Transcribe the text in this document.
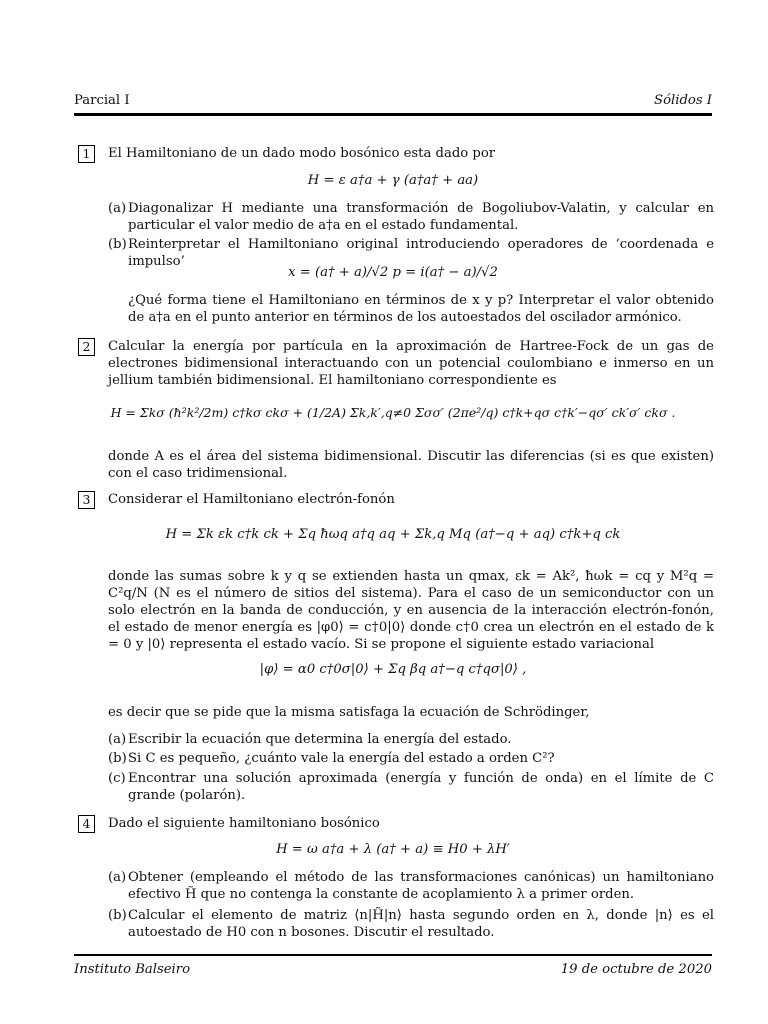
Parcial I	Sólidos I
1	El Hamiltoniano de un dado modo bosónico esta dado por
H = ε a†a + γ (a†a† + aa)
(a) Diagonalizar H mediante una transformación de Bogoliubov-Valatin, y calcular en particular el valor medio de a†a en el estado fundamental.
(b) Reinterpretar el Hamiltoniano original introduciendo operadores de ‘coordenada e impulso’
x = (a† + a)/√2 p = i(a† − a)/√2
¿Qué forma tiene el Hamiltoniano en términos de x y p? Interpretar el valor obtenido de a†a en el punto anterior en términos de los autoestados del oscilador armónico.
2	Calcular la energía por partícula en la aproximación de Hartree-Fock de un gas de electrones bidimensional interactuando con un potencial coulombiano e inmerso en un jellium también bidimensional. El hamiltoniano correspondiente es
H = Σkσ (ħ²k²/2m) c†kσ ckσ + (1/2A) Σk,k′,q≠0 Σσσ′ (2πe²/q) c†k+qσ c†k′−qσ′ ck′σ′ ckσ .
donde A es el área del sistema bidimensional. Discutir las diferencias (si es que existen) con el caso tridimensional.
3	Considerar el Hamiltoniano electrón-fonón
H = Σk εk c†k ck + Σq ħωq a†q aq + Σk,q Mq (a†−q + aq) c†k+q ck
donde las sumas sobre k y q se extienden hasta un qmax, εk = Ak², ħωk = cq y M²q = C²q/N (N es el número de sitios del sistema). Para el caso de un semiconductor con un solo electrón en la banda de conducción, y en ausencia de la interacción electrón-fonón, el estado de menor energía es |φ0⟩ = c†0|0⟩ donde c†0 crea un electrón en el estado de k = 0 y |0⟩ representa el estado vacío. Si se propone el siguiente estado variacional
|φ⟩ = α0 c†0σ|0⟩ + Σq βq a†−q c†qσ|0⟩ ,
es decir que se pide que la misma satisfaga la ecuación de Schrödinger,
(a) Escribir la ecuación que determina la energía del estado.
(b) Si C es pequeño, ¿cuánto vale la energía del estado a orden C²?
(c) Encontrar una solución aproximada (energía y función de onda) en el límite de C grande (polarón).
4	Dado el siguiente hamiltoniano bosónico
H = ω a†a + λ (a† + a) ≡ H0 + λH′
(a) Obtener (empleando el método de las transformaciones canónicas) un hamiltoniano efectivo H̃ que no contenga la constante de acoplamiento λ a primer orden.
(b) Calcular el elemento de matriz ⟨n|H̃|n⟩ hasta segundo orden en λ, donde |n⟩ es el autoestado de H0 con n bosones. Discutir el resultado.
Instituto Balseiro	19 de octubre de 2020
